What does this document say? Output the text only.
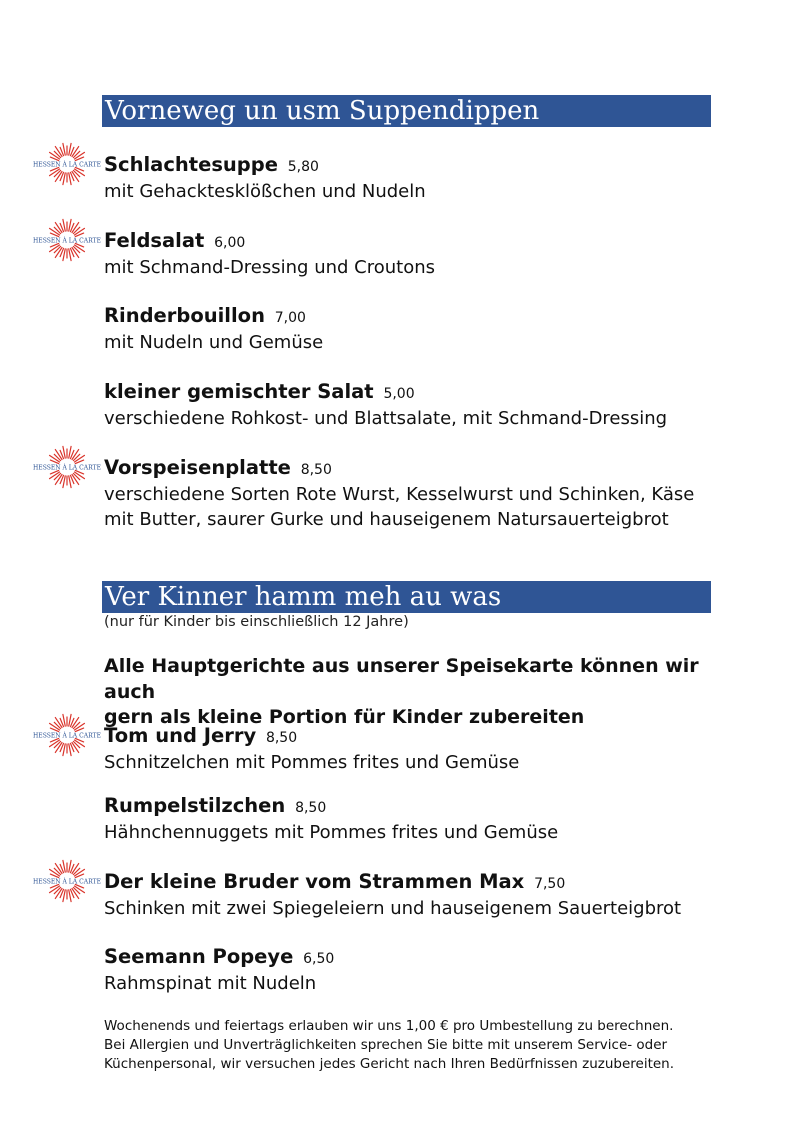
Vorneweg un usm Suppendippen
HESSEN À LA CARTE Schlachtesuppe 5,80
mit Gehacktesklößchen und Nudeln
HESSEN À LA CARTE Feldsalat 6,00
mit Schmand-Dressing und Croutons
Rinderbouillon 7,00
mit Nudeln und Gemüse
kleiner gemischter Salat 5,00
verschiedene Rohkost- und Blattsalate, mit Schmand-Dressing
HESSEN À LA CARTE Vorspeisenplatte 8,50
verschiedene Sorten Rote Wurst, Kesselwurst und Schinken, Käse
mit Butter, saurer Gurke und hauseigenem Natursauerteigbrot
Ver Kinner hamm meh au was
(nur für Kinder bis einschließlich 12 Jahre)
Alle Hauptgerichte aus unserer Speisekarte können wir auch
gern als kleine Portion für Kinder zubereiten
HESSEN À LA CARTE Tom und Jerry 8,50
Schnitzelchen mit Pommes frites und Gemüse
Rumpelstilzchen 8,50
Hähnchennuggets mit Pommes frites und Gemüse
HESSEN À LA CARTE Der kleine Bruder vom Strammen Max 7,50
Schinken mit zwei Spiegeleiern und hauseigenem Sauerteigbrot
Seemann Popeye 6,50
Rahmspinat mit Nudeln
Wochenends und feiertags erlauben wir uns 1,00 € pro Umbestellung zu berechnen.
Bei Allergien und Unverträglichkeiten sprechen Sie bitte mit unserem Service- oder
Küchenpersonal, wir versuchen jedes Gericht nach Ihren Bedürfnissen zuzubereiten.
